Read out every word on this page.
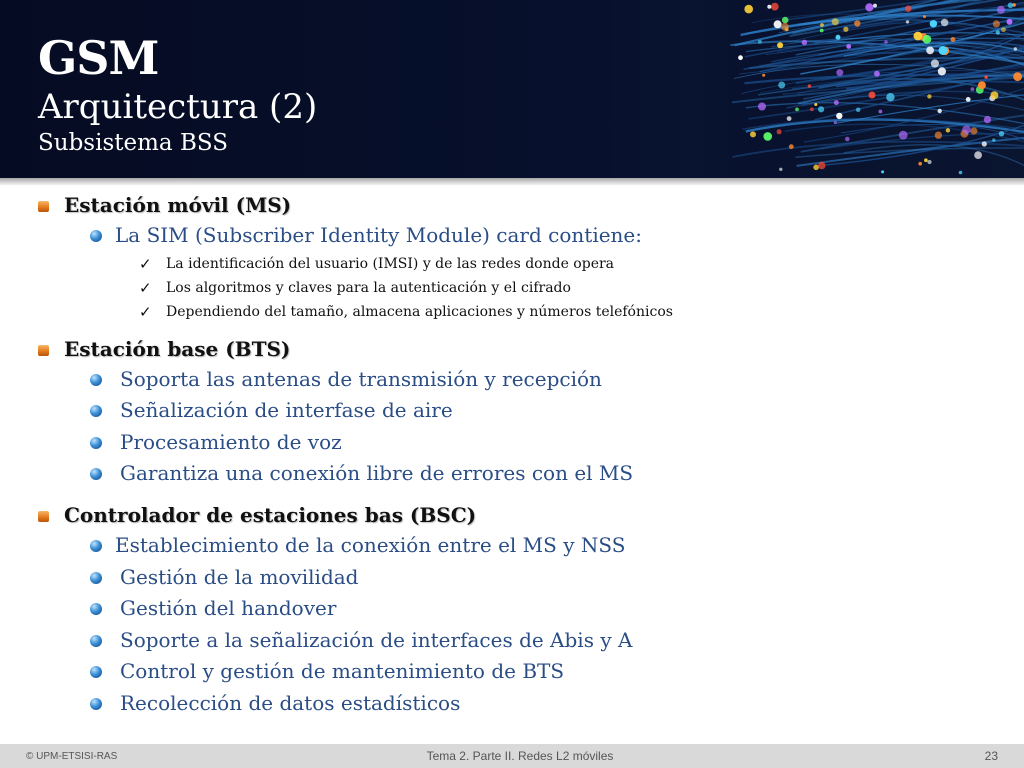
GSM
Arquitectura (2)
Subsistema BSS
Estación móvil (MS)
La SIM (Subscriber Identity Module) card contiene:
✓ La identificación del usuario (IMSI) y de las redes donde opera
✓ Los algoritmos y claves para la autenticación y el cifrado
✓ Dependiendo del tamaño, almacena aplicaciones y números telefónicos
Estación base (BTS)
Soporta las antenas de transmisión y recepción
Señalización de interfase de aire
Procesamiento de voz
Garantiza una conexión libre de errores con el MS
Controlador de estaciones bas (BSC)
Establecimiento de la conexión entre el MS y NSS
Gestión de la movilidad
Gestión del handover
Soporte a la señalización de interfaces de Abis y A
Control y gestión de mantenimiento de BTS
Recolección de datos estadísticos
© UPM-ETSISI-RAS	Tema 2. Parte II. Redes L2 móviles	23
